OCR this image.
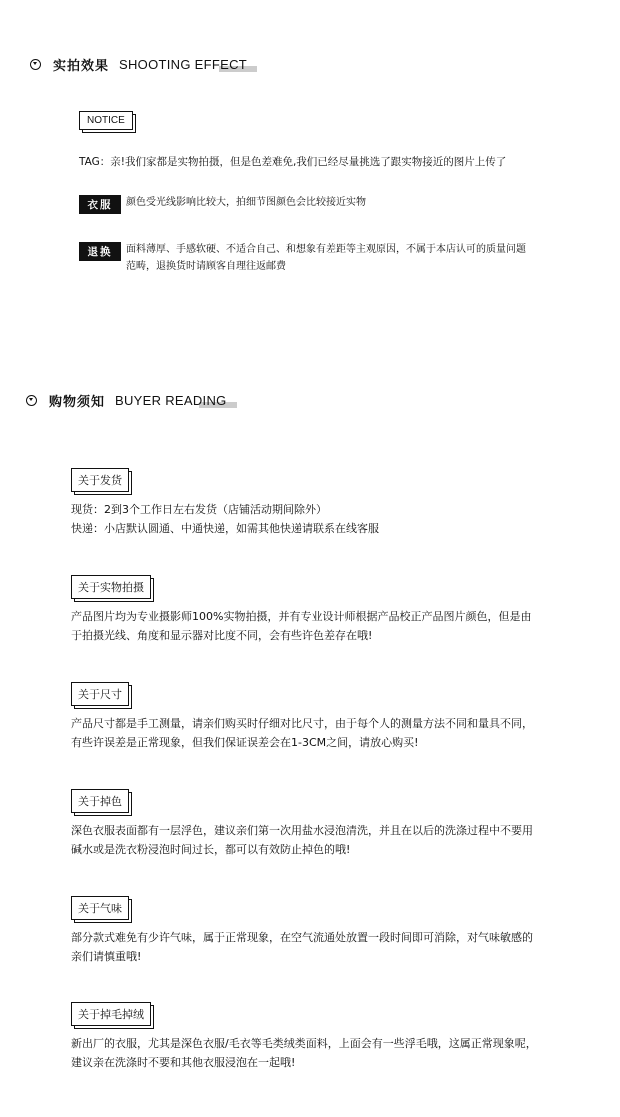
实拍效果 SHOOTING EFFECT
NOTICE
TAG：亲!我们家都是实物拍摄，但是色差难免,我们已经尽量挑选了跟实物接近的图片上传了
衣服	颜色受光线影响比较大，拍细节图颜色会比较接近实物
退换	面料薄厚、手感软硬、不适合自己、和想象有差距等主观原因，不属于本店认可的质量问题
范畴，退换货时请顾客自理往返邮费
购物须知 BUYER READING
关于发货
现货：2到3个工作日左右发货（店铺活动期间除外）
快递：小店默认圆通、中通快递，如需其他快递请联系在线客服
关于实物拍摄
产品图片均为专业摄影师100%实物拍摄，并有专业设计师根据产品校正产品图片颜色，但是由
于拍摄光线、角度和显示器对比度不同，会有些许色差存在哦!
关于尺寸
产品尺寸都是手工测量，请亲们购买时仔细对比尺寸，由于每个人的测量方法不同和量具不同，
有些许误差是正常现象，但我们保证误差会在1-3CM之间，请放心购买!
关于掉色
深色衣服表面都有一层浮色，建议亲们第一次用盐水浸泡清洗，并且在以后的洗涤过程中不要用
碱水或是洗衣粉浸泡时间过长，都可以有效防止掉色的哦!
关于气味
部分款式难免有少许气味，属于正常现象，在空气流通处放置一段时间即可消除，对气味敏感的
亲们请慎重哦!
关于掉毛掉绒
新出厂的衣服，尤其是深色衣服/毛衣等毛类绒类面料，上面会有一些浮毛哦，这属正常现象呢，
建议亲在洗涤时不要和其他衣服浸泡在一起哦!
